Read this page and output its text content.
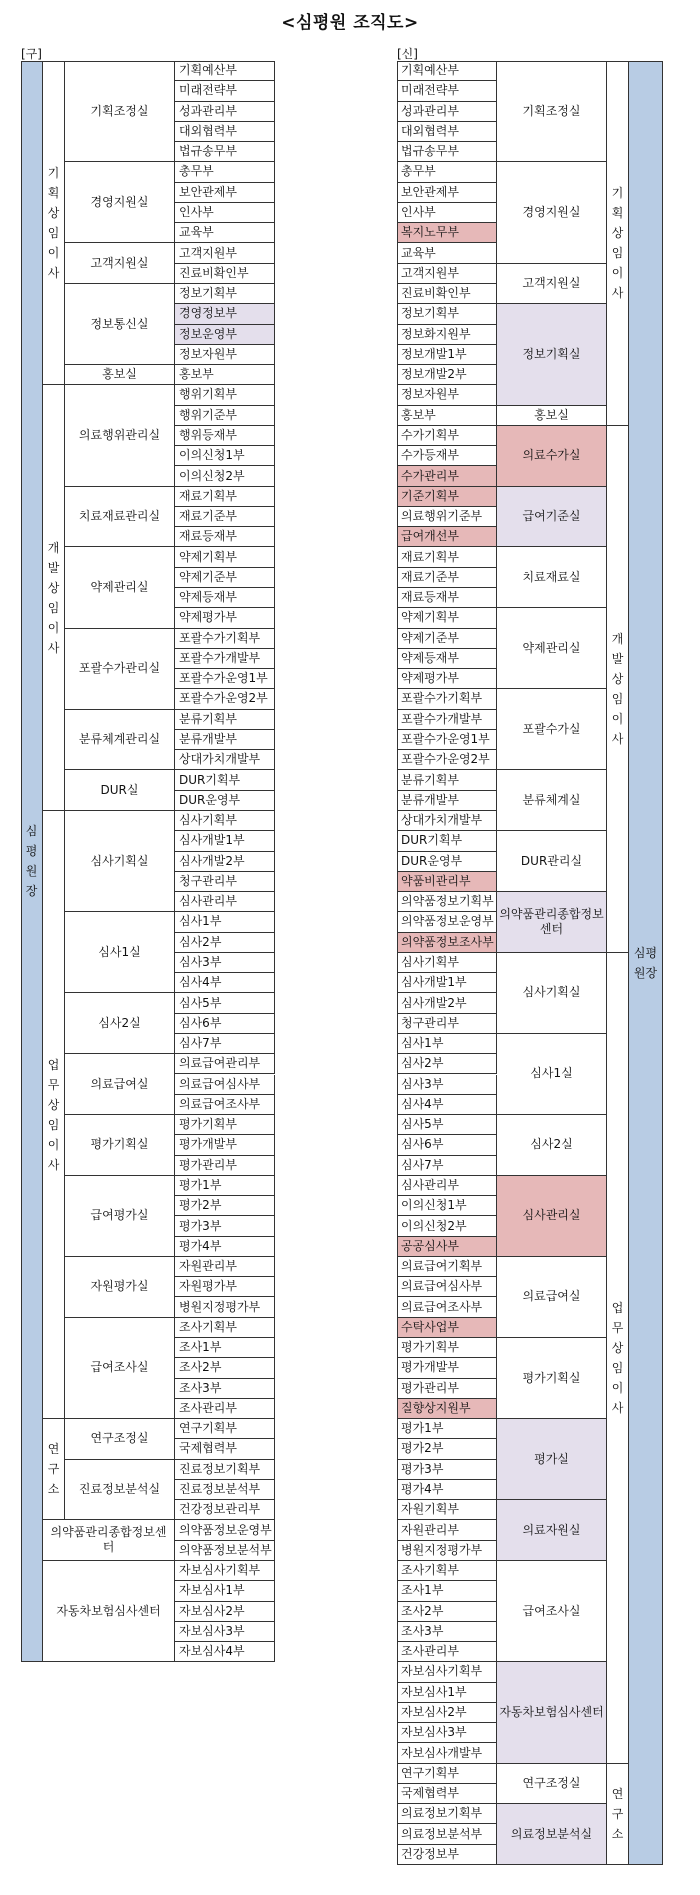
<심평원 조직도>
[구]	[신]
심평원장
기획상임이사
기획조정실
기획예산부
미래전략부
성과관리부
대외협력부
법규송무부
경영지원실
총무부
보안관제부
인사부
교육부
고객지원실
고객지원부
진료비확인부
정보통신실
정보기획부
경영정보부
정보운영부
정보자원부
홍보실	홍보부
개발상임이사
의료행위관리실
행위기획부
행위기준부
행위등재부
이의신청1부
이의신청2부
치료재료관리실
재료기획부
재료기준부
재료등재부
약제관리실
약제기획부
약제기준부
약제등재부
약제평가부
포괄수가관리실
포괄수가기획부
포괄수가개발부
포괄수가운영1부
포괄수가운영2부
분류체계관리실
분류기획부
분류개발부
상대가치개발부
DUR실
DUR기획부
DUR운영부
업무상임이사
심사기획실
심사기획부
심사개발1부
심사개발2부
청구관리부
심사관리부
심사1실
심사1부
심사2부
심사3부
심사4부
심사2실
심사5부
심사6부
심사7부
의료급여실
의료급여관리부
의료급여심사부
의료급여조사부
평가기획실
평가기획부
평가개발부
평가관리부
급여평가실
평가1부
평가2부
평가3부
평가4부
자원평가실
자원관리부
자원평가부
병원지정평가부
급여조사실
조사기획부
조사1부
조사2부
조사3부
조사관리부
연구소
연구조정실
연구기획부
국제협력부
진료정보분석실
진료정보기획부
진료정보분석부
건강정보관리부
의약품관리종합정보센터
의약품정보운영부
의약품정보분석부
자동차보험심사센터
자보심사기획부
자보심사1부
자보심사2부
자보심사3부
자보심사4부
심평원장
기획상임이사
기획조정실
기획예산부
미래전략부
성과관리부
대외협력부
법규송무부
경영지원실
총무부
보안관제부
인사부
복지노무부
교육부
고객지원실
고객지원부
진료비확인부
정보기획실
정보기획부
정보화지원부
정보개발1부
정보개발2부
정보자원부
홍보실
홍보부
개발상임이사
의료수가실
수가기획부
수가등재부
수가관리부
급여기준실
기준기획부
의료행위기준부
급여개선부
치료재료실
재료기획부
재료기준부
재료등재부
약제관리실
약제기획부
약제기준부
약제등재부
약제평가부
포괄수가실
포괄수가기획부
포괄수가개발부
포괄수가운영1부
포괄수가운영2부
분류체계실
분류기획부
분류개발부
상대가치개발부
DUR관리실
DUR기획부
DUR운영부
약품비관리부
의약품관리종합정보센터
의약품정보기획부
의약품정보운영부
의약품정보조사부
업무상임이사
심사기획실
심사기획부
심사개발1부
심사개발2부
청구관리부
심사1실
심사1부
심사2부
심사3부
심사4부
심사2실
심사5부
심사6부
심사7부
심사관리실
심사관리부
이의신청1부
이의신청2부
공공심사부
의료급여실
의료급여기획부
의료급여심사부
의료급여조사부
수탁사업부
평가기획실
평가기획부
평가개발부
평가관리부
질향상지원부
평가실
평가1부
평가2부
평가3부
평가4부
의료자원실
자원기획부
자원관리부
병원지정평가부
급여조사실
조사기획부
조사1부
조사2부
조사3부
조사관리부
자동차보험심사센터
자보심사기획부
자보심사1부
자보심사2부
자보심사3부
자보심사개발부
연구소
연구조정실
연구기획부
국제협력부
의료정보분석실
의료정보기획부
의료정보분석부
건강정보부
